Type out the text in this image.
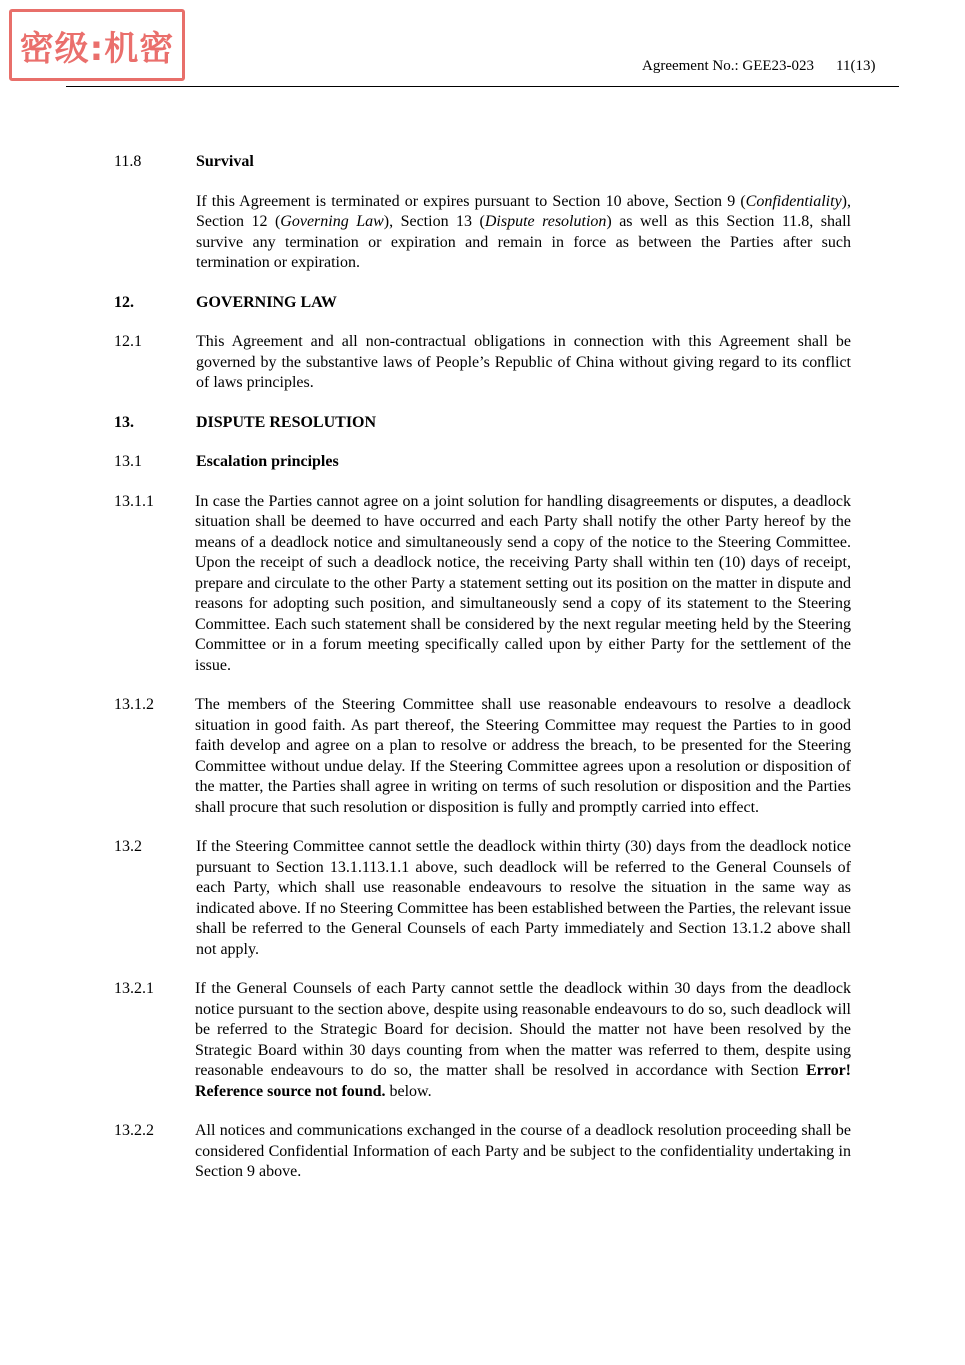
密级:机密	Agreement No.: GEE23-023 11(13)
11.8	Survival
If this Agreement is terminated or expires pursuant to Section 10 above, Section 9 (Confidentiality), Section 12 (Governing Law), Section 13 (Dispute resolution) as well as this Section 11.8, shall survive any termination or expiration and remain in force as between the Parties after such termination or expiration.
12.	GOVERNING LAW
12.1	This Agreement and all non-contractual obligations in connection with this Agreement shall be governed by the substantive laws of People’s Republic of China without giving regard to its conflict of laws principles.
13.	DISPUTE RESOLUTION
13.1	Escalation principles
13.1.1	In case the Parties cannot agree on a joint solution for handling disagreements or disputes, a deadlock situation shall be deemed to have occurred and each Party shall notify the other Party hereof by the means of a deadlock notice and simultaneously send a copy of the notice to the Steering Committee. Upon the receipt of such a deadlock notice, the receiving Party shall within ten (10) days of receipt, prepare and circulate to the other Party a statement setting out its position on the matter in dispute and reasons for adopting such position, and simultaneously send a copy of its statement to the Steering Committee. Each such statement shall be considered by the next regular meeting held by the Steering Committee or in a forum meeting specifically called upon by either Party for the settlement of the issue.
13.1.2	The members of the Steering Committee shall use reasonable endeavours to resolve a deadlock situation in good faith. As part thereof, the Steering Committee may request the Parties to in good faith develop and agree on a plan to resolve or address the breach, to be presented for the Steering Committee without undue delay. If the Steering Committee agrees upon a resolution or disposition of the matter, the Parties shall agree in writing on terms of such resolution or disposition and the Parties shall procure that such resolution or disposition is fully and promptly carried into effect.
13.2	If the Steering Committee cannot settle the deadlock within thirty (30) days from the deadlock notice pursuant to Section 13.1.113.1.1 above, such deadlock will be referred to the General Counsels of each Party, which shall use reasonable endeavours to resolve the situation in the same way as indicated above. If no Steering Committee has been established between the Parties, the relevant issue shall be referred to the General Counsels of each Party immediately and Section 13.1.2 above shall not apply.
13.2.1	If the General Counsels of each Party cannot settle the deadlock within 30 days from the deadlock notice pursuant to the section above, despite using reasonable endeavours to do so, such deadlock will be referred to the Strategic Board for decision. Should the matter not have been resolved by the Strategic Board within 30 days counting from when the matter was referred to them, despite using reasonable endeavours to do so, the matter shall be resolved in accordance with Section Error! Reference source not found. below.
13.2.2	All notices and communications exchanged in the course of a deadlock resolution proceeding shall be considered Confidential Information of each Party and be subject to the confidentiality undertaking in Section 9 above.
